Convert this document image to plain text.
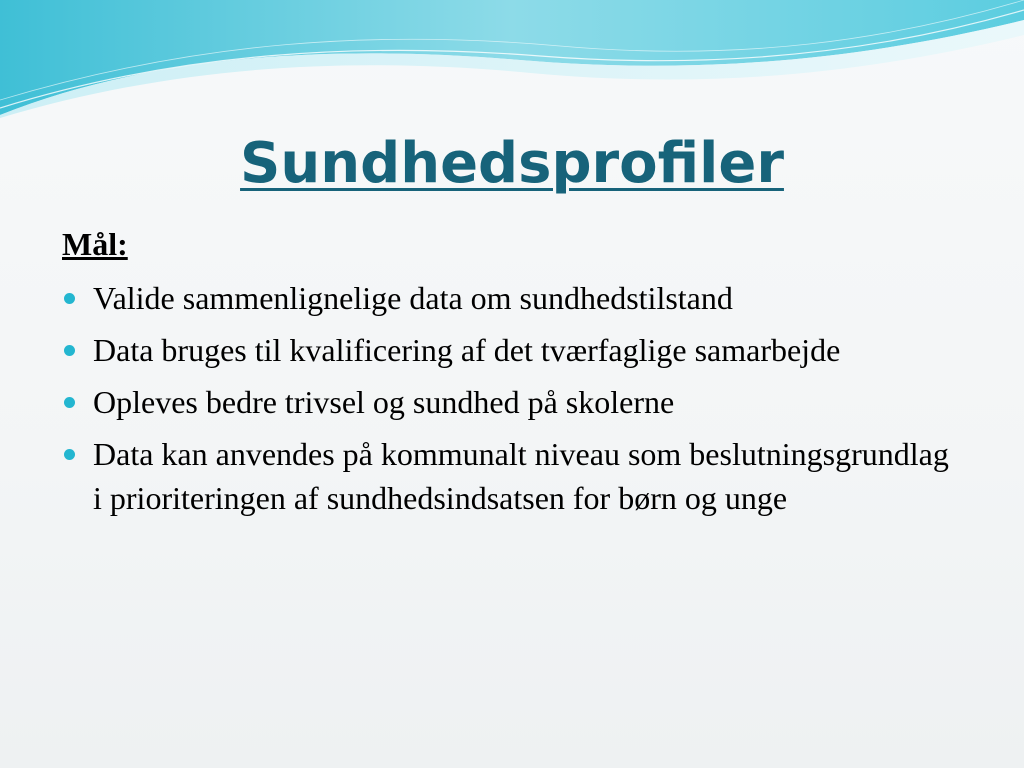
Sundhedsprofiler
Mål:
Valide sammenlignelige data om sundhedstilstand
Data bruges til kvalificering af det tværfaglige samarbejde
Opleves bedre trivsel og sundhed på skolerne
Data kan anvendes på kommunalt niveau som beslutningsgrundlag i prioriteringen af sundhedsindsatsen for børn og unge
